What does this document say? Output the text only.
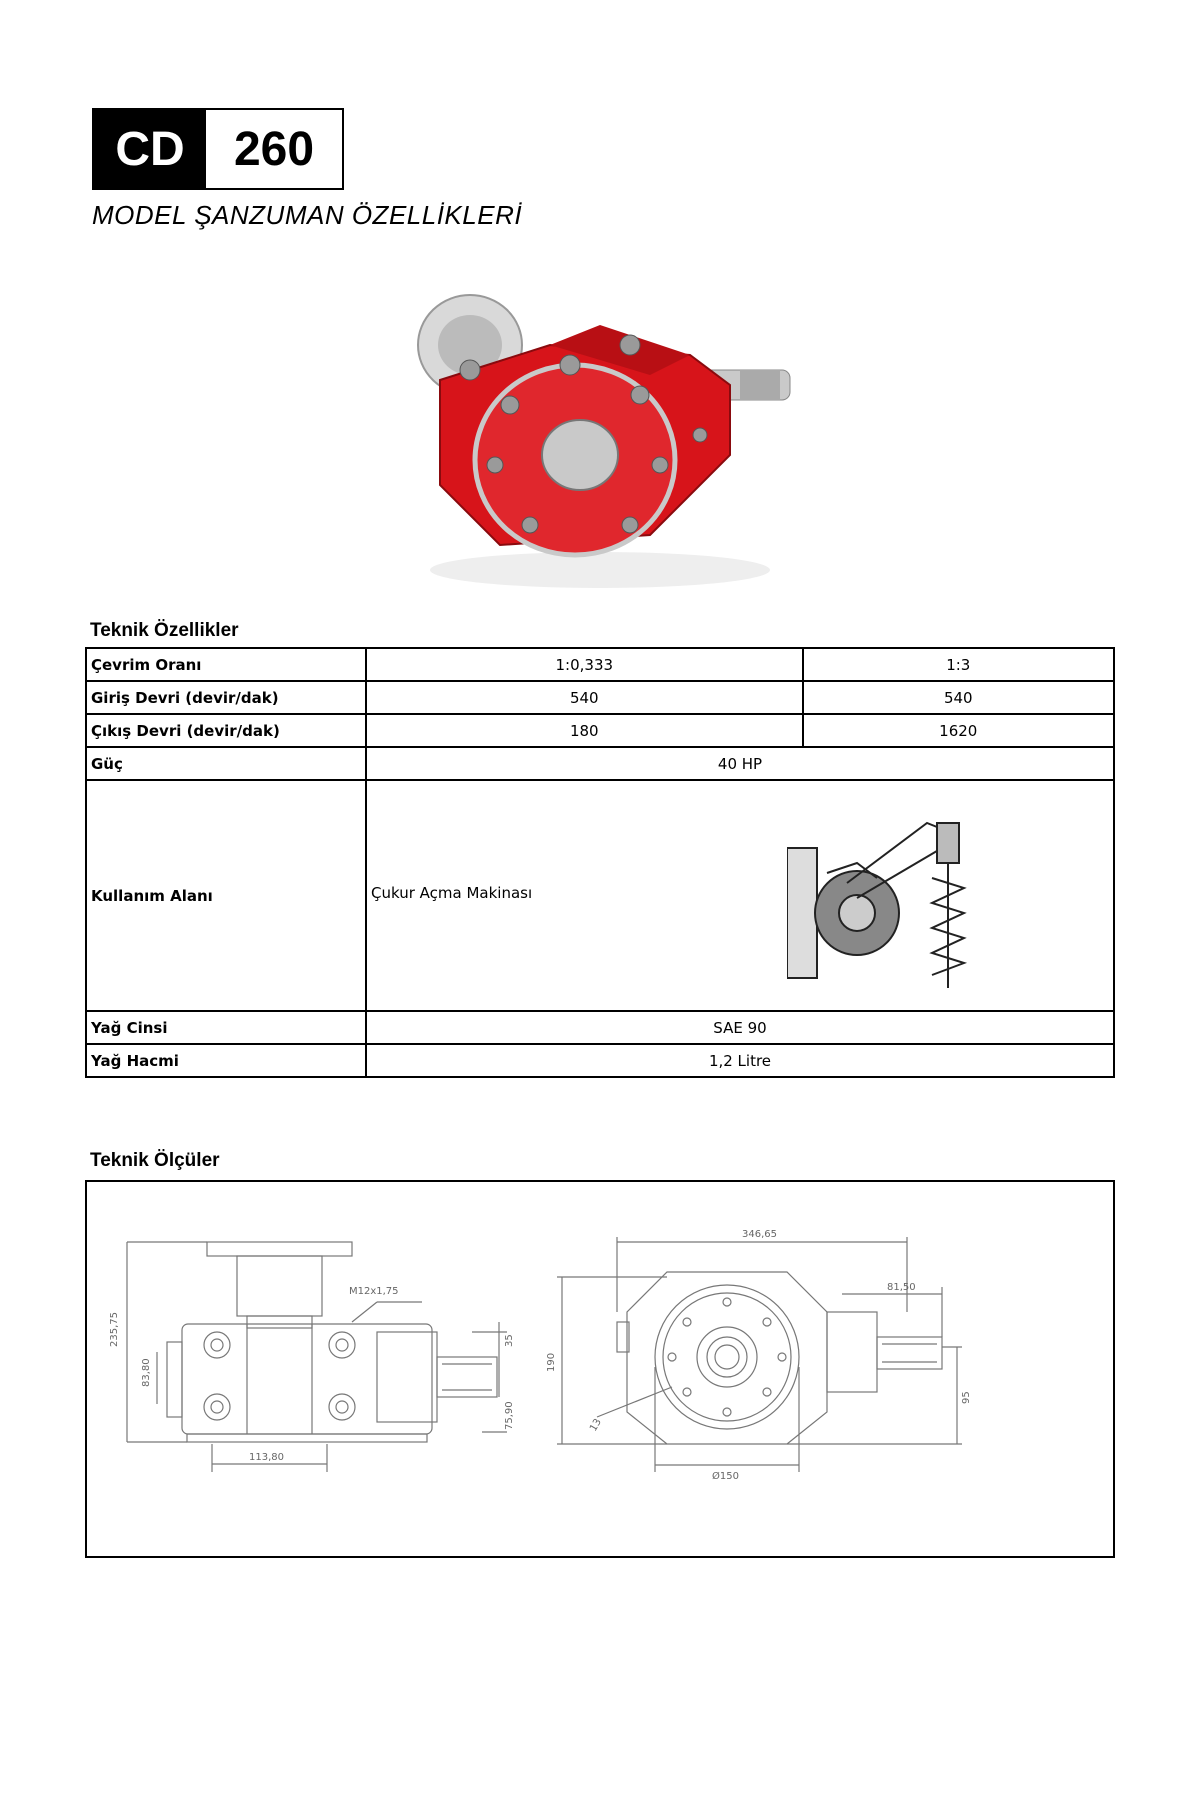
CD	260
MODEL ŞANZUMAN ÖZELLİKLERİ
Teknik Özellikler
Çevrim Oranı	1:0,333	1:3
Giriş Devri (devir/dak)	540	540
Çıkış Devri (devir/dak)	180	1620
Güç	40 HP	
Kullanım Alanı	Çukur Açma Makinası	

Yağ Cinsi	SAE 90	
Yağ Hacmi	1,2 Litre	
Teknik Ölçüler
M12x1,75
235,75
83,80
35
75,90
113,80
346,65
81,50
190
13
Ø150
95
